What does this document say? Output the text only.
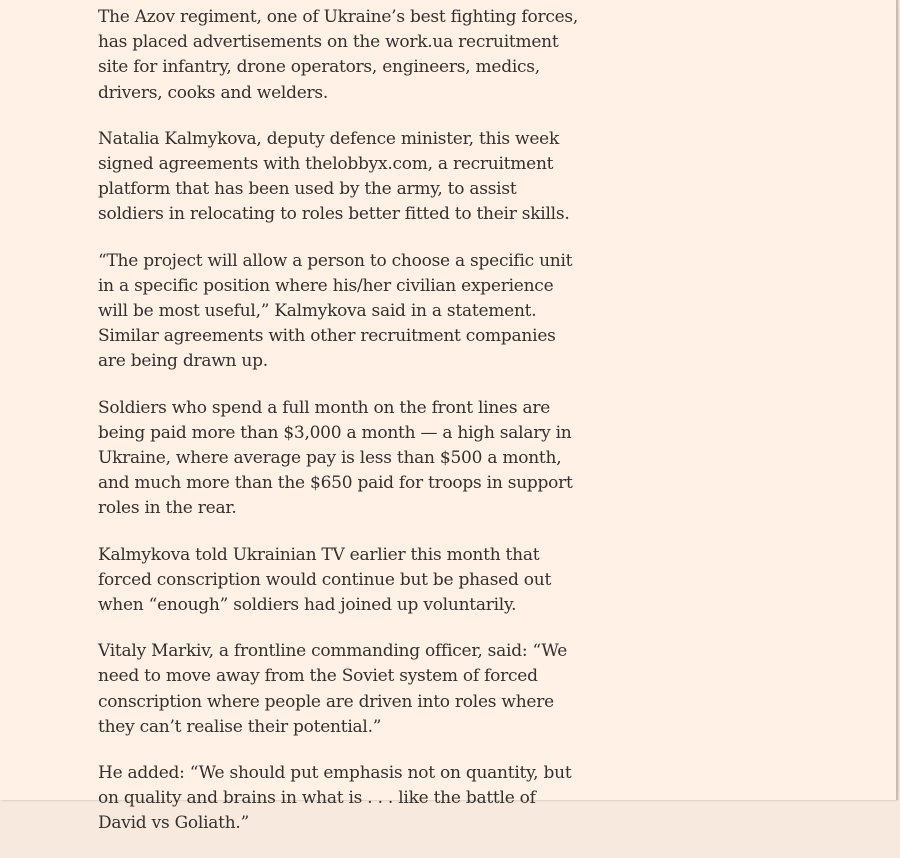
The Azov regiment, one of Ukraine’s best fighting forces, has placed advertisements on the work.ua recruitment site for infantry, drone operators, engineers, medics, drivers, cooks and welders.

Natalia Kalmykova, deputy defence minister, this week signed agreements with thelobbyx.com, a recruitment platform that has been used by the army, to assist soldiers in relocating to roles better fitted to their skills.

“The project will allow a person to choose a specific unit in a specific position where his/her civilian experience will be most useful,” Kalmykova said in a statement. Similar agreements with other recruitment companies are being drawn up.

Soldiers who spend a full month on the front lines are being paid more than $3,000 a month — a high salary in Ukraine, where average pay is less than $500 a month, and much more than the $650 paid for troops in support roles in the rear.

Kalmykova told Ukrainian TV earlier this month that forced conscription would continue but be phased out when “enough” soldiers had joined up voluntarily.

Vitaly Markiv, a frontline commanding officer, said: “We need to move away from the Soviet system of forced conscription where people are driven into roles where they can’t realise their potential.”

He added: “We should put emphasis not on quantity, but on quality and brains in what is . . . like the battle of David vs Goliath.”
